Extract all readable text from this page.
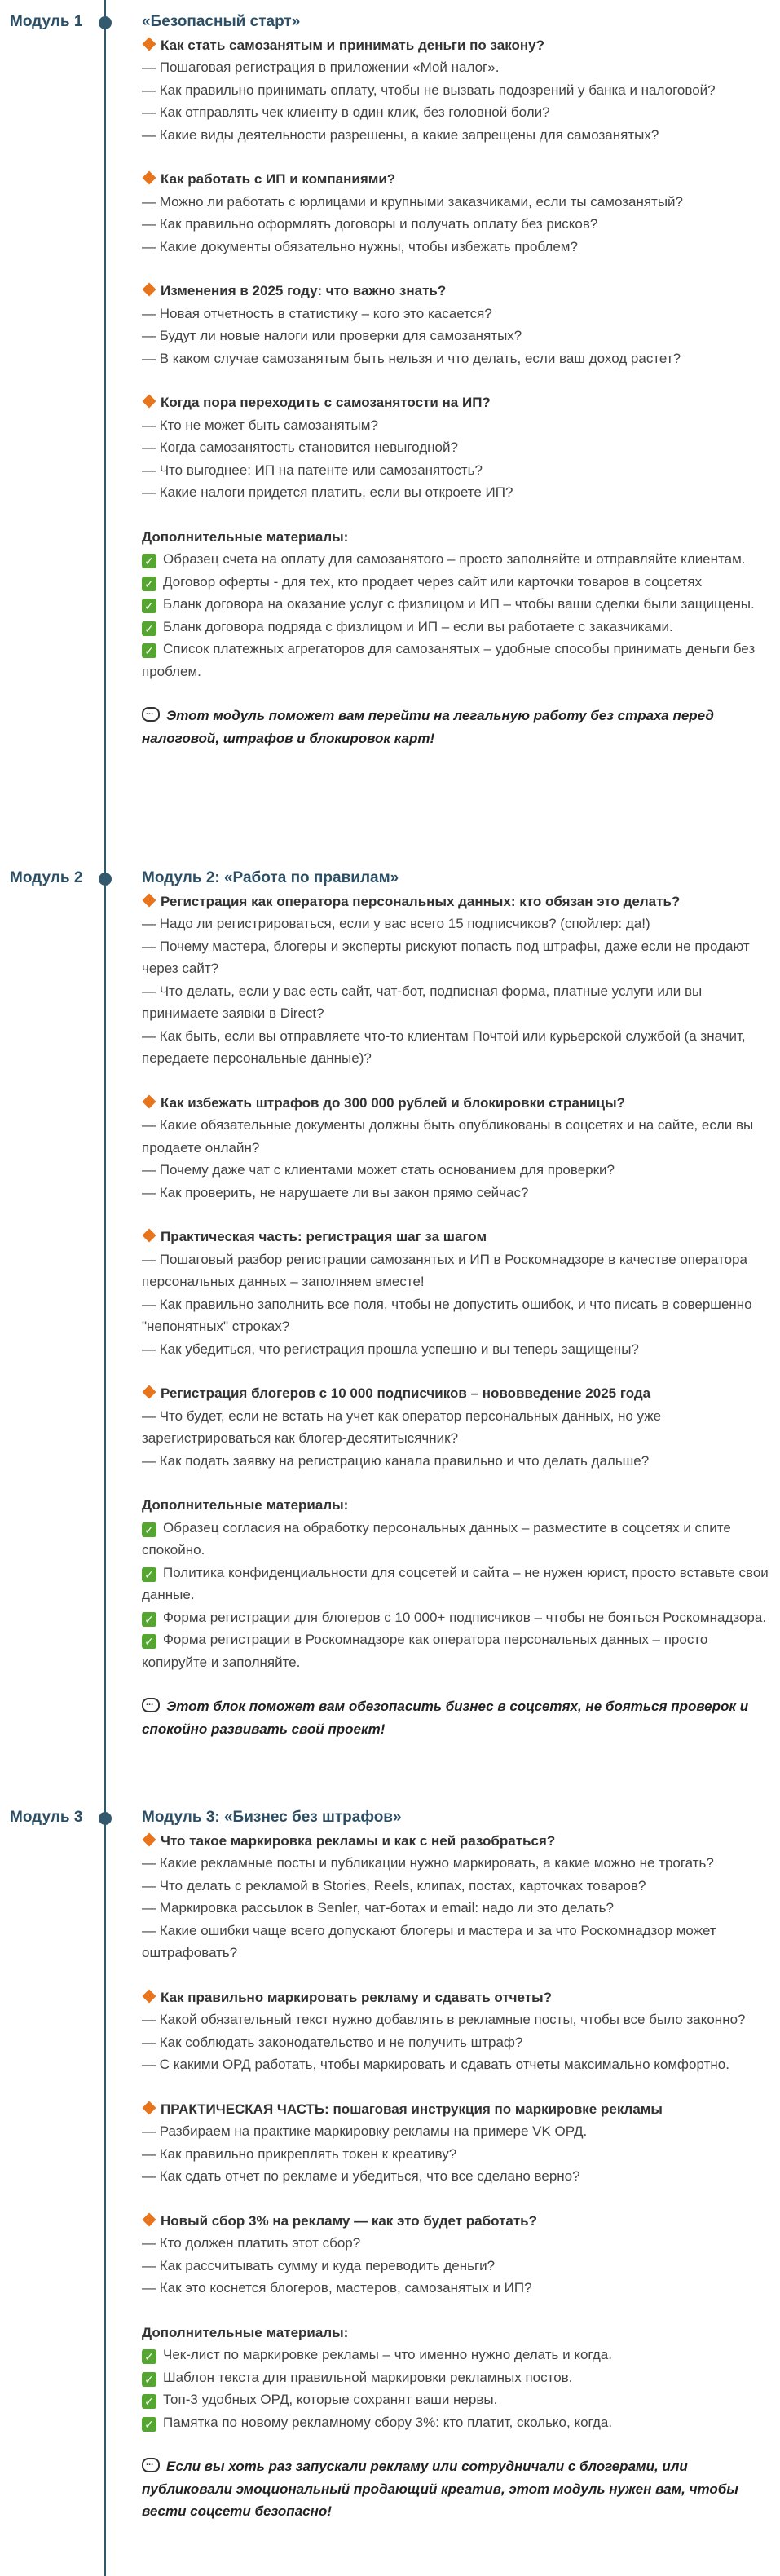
Модуль 1	«Безопасный старт»
Как стать самозанятым и принимать деньги по закону?
— Пошаговая регистрация в приложении «Мой налог».
— Как правильно принимать оплату, чтобы не вызвать подозрений у банка и налоговой?
— Как отправлять чек клиенту в один клик, без головной боли?
— Какие виды деятельности разрешены, а какие запрещены для самозанятых?
Как работать с ИП и компаниями?
— Можно ли работать с юрлицами и крупными заказчиками, если ты самозанятый?
— Как правильно оформлять договоры и получать оплату без рисков?
— Какие документы обязательно нужны, чтобы избежать проблем?
Изменения в 2025 году: что важно знать?
— Новая отчетность в статистику – кого это касается?
— Будут ли новые налоги или проверки для самозанятых?
— В каком случае самозанятым быть нельзя и что делать, если ваш доход растет?
Когда пора переходить с самозанятости на ИП?
— Кто не может быть самозанятым?
— Когда самозанятость становится невыгодной?
— Что выгоднее: ИП на патенте или самозанятость?
— Какие налоги придется платить, если вы откроете ИП?
Дополнительные материалы:
✓ Образец счета на оплату для самозанятого – просто заполняйте и отправляйте клиентам.
✓ Договор оферты - для тех, кто продает через сайт или карточки товаров в соцсетях
✓ Бланк договора на оказание услуг с физлицом и ИП – чтобы ваши сделки были защищены.
✓ Бланк договора подряда с физлицом и ИП – если вы работаете с заказчиками.
✓ Список платежных агрегаторов для самозанятых – удобные способы принимать деньги без проблем.
...Этот модуль поможет вам перейти на легальную работу без страха перед налоговой, штрафов и блокировок карт!
Модуль 2	Модуль 2: «Работа по правилам»
Регистрация как оператора персональных данных: кто обязан это делать?
— Надо ли регистрироваться, если у вас всего 15 подписчиков? (спойлер: да!)
— Почему мастера, блогеры и эксперты рискуют попасть под штрафы, даже если не продают через сайт?
— Что делать, если у вас есть сайт, чат-бот, подписная форма, платные услуги или вы принимаете заявки в Direct?
— Как быть, если вы отправляете что-то клиентам Почтой или курьерской службой (а значит, передаете персональные данные)?
Как избежать штрафов до 300 000 рублей и блокировки страницы?
— Какие обязательные документы должны быть опубликованы в соцсетях и на сайте, если вы продаете онлайн?
— Почему даже чат с клиентами может стать основанием для проверки?
— Как проверить, не нарушаете ли вы закон прямо сейчас?
Практическая часть: регистрация шаг за шагом
— Пошаговый разбор регистрации самозанятых и ИП в Роскомнадзоре в качестве оператора персональных данных – заполняем вместе!
— Как правильно заполнить все поля, чтобы не допустить ошибок, и что писать в совершенно "непонятных" строках?
— Как убедиться, что регистрация прошла успешно и вы теперь защищены?
Регистрация блогеров с 10 000 подписчиков – нововведение 2025 года
— Что будет, если не встать на учет как оператор персональных данных, но уже зарегистрироваться как блогер-десятитысячник?
— Как подать заявку на регистрацию канала правильно и что делать дальше?
Дополнительные материалы:
✓ Образец согласия на обработку персональных данных – разместите в соцсетях и спите спокойно.
✓ Политика конфиденциальности для соцсетей и сайта – не нужен юрист, просто вставьте свои данные.
✓ Форма регистрации для блогеров с 10 000+ подписчиков – чтобы не бояться Роскомнадзора.
✓ Форма регистрации в Роскомнадзоре как оператора персональных данных – просто копируйте и заполняйте.
...Этот блок поможет вам обезопасить бизнес в соцсетях, не бояться проверок и спокойно развивать свой проект!
Модуль 3	Модуль 3: «Бизнес без штрафов»
Что такое маркировка рекламы и как с ней разобраться?
— Какие рекламные посты и публикации нужно маркировать, а какие можно не трогать?
— Что делать с рекламой в Stories, Reels, клипах, постах, карточках товаров?
— Маркировка рассылок в Senler, чат-ботах и email: надо ли это делать?
— Какие ошибки чаще всего допускают блогеры и мастера и за что Роскомнадзор может оштрафовать?
Как правильно маркировать рекламу и сдавать отчеты?
— Какой обязательный текст нужно добавлять в рекламные посты, чтобы все было законно?
— Как соблюдать законодательство и не получить штраф?
— С какими ОРД работать, чтобы маркировать и сдавать отчеты максимально комфортно.
ПРАКТИЧЕСКАЯ ЧАСТЬ: пошаговая инструкция по маркировке рекламы
— Разбираем на практике маркировку рекламы на примере VK ОРД.
— Как правильно прикреплять токен к креативу?
— Как сдать отчет по рекламе и убедиться, что все сделано верно?
Новый сбор 3% на рекламу — как это будет работать?
— Кто должен платить этот сбор?
— Как рассчитывать сумму и куда переводить деньги?
— Как это коснется блогеров, мастеров, самозанятых и ИП?
Дополнительные материалы:
✓ Чек-лист по маркировке рекламы – что именно нужно делать и когда.
✓ Шаблон текста для правильной маркировки рекламных постов.
✓ Топ-3 удобных ОРД, которые сохранят ваши нервы.
✓ Памятка по новому рекламному сбору 3%: кто платит, сколько, когда.
...Если вы хоть раз запускали рекламу или сотрудничали с блогерами, или публиковали эмоциональный продающий креатив, этот модуль нужен вам, чтобы вести соцсети безопасно!
